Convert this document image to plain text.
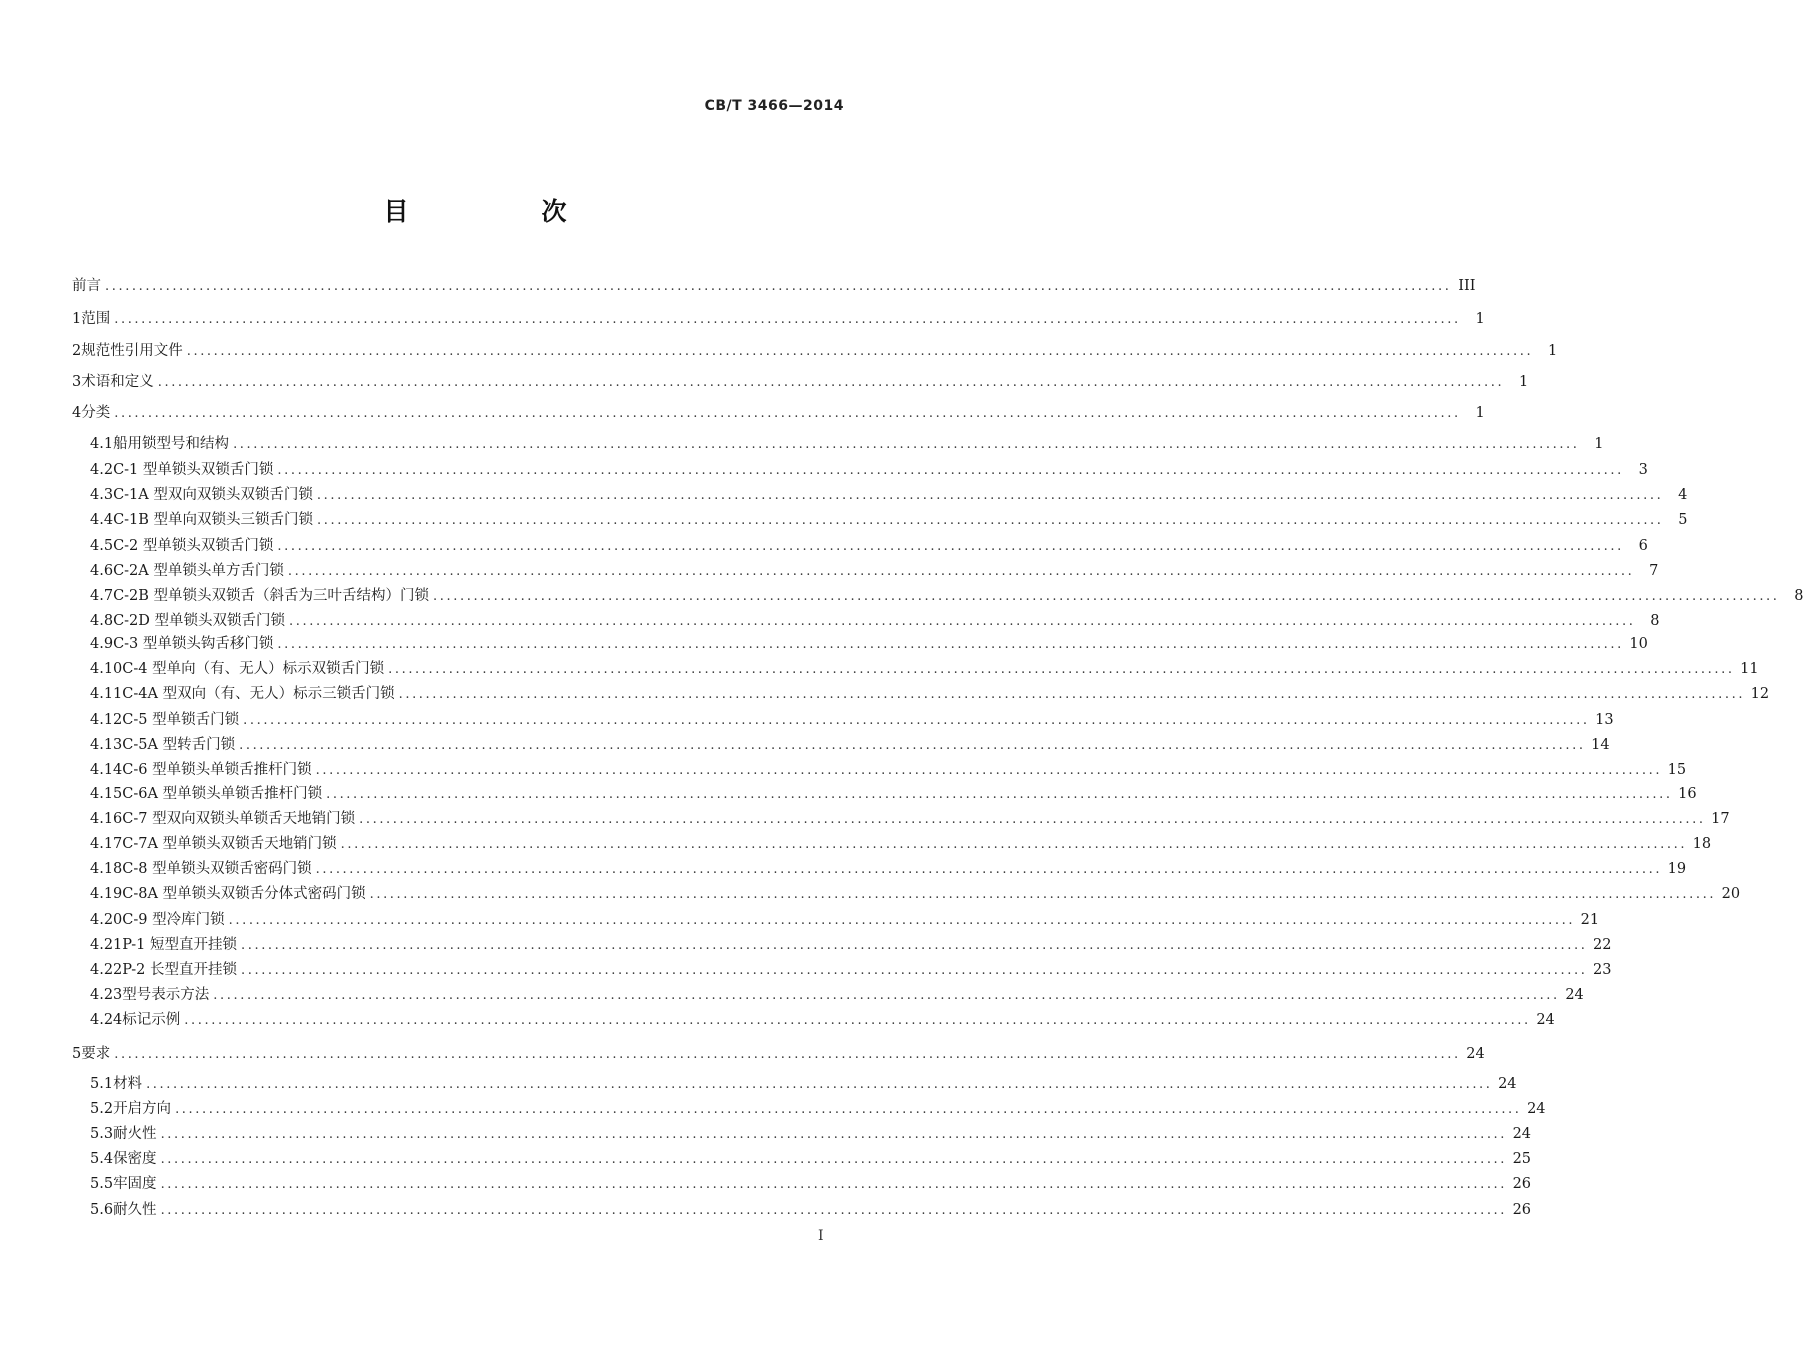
CB/T 3466—2014
目　次
前言 ........................................................................................................................................................................................................ III
1 范围 ........................................................................................................................................................................................................	1
2 规范性引用文件 ........................................................................................................................................................................................................	1
3 术语和定义 ........................................................................................................................................................................................................	1
4 分类 ........................................................................................................................................................................................................	1
4.1 船用锁型号和结构 ........................................................................................................................................................................................................	1
4.2 C-1 型单锁头双锁舌门锁 ........................................................................................................................................................................................................	3
4.3 C-1A 型双向双锁头双锁舌门锁 ........................................................................................................................................................................................................	4
4.4 C-1B 型单向双锁头三锁舌门锁 ........................................................................................................................................................................................................	5
4.5 C-2 型单锁头双锁舌门锁 ........................................................................................................................................................................................................	6
4.6 C-2A 型单锁头单方舌门锁 ........................................................................................................................................................................................................	7
4.7 C-2B 型单锁头双锁舌（斜舌为三叶舌结构）门锁 ........................................................................................................................................................................................................	8
4.8 C-2D 型单锁头双锁舌门锁 ........................................................................................................................................................................................................	8
4.9 C-3 型单锁头钩舌移门锁 ........................................................................................................................................................................................................ 10
4.10 C-4 型单向（有、无人）标示双锁舌门锁 ........................................................................................................................................................................................................ 11
4.11 C-4A 型双向（有、无人）标示三锁舌门锁 ........................................................................................................................................................................................................ 12
4.12 C-5 型单锁舌门锁 ........................................................................................................................................................................................................ 13
4.13 C-5A 型转舌门锁 ........................................................................................................................................................................................................ 14
4.14 C-6 型单锁头单锁舌推杆门锁 ........................................................................................................................................................................................................ 15
4.15 C-6A 型单锁头单锁舌推杆门锁 ........................................................................................................................................................................................................ 16
4.16 C-7 型双向双锁头单锁舌天地销门锁 ........................................................................................................................................................................................................ 17
4.17 C-7A 型单锁头双锁舌天地销门锁 ........................................................................................................................................................................................................ 18
4.18 C-8 型单锁头双锁舌密码门锁 ........................................................................................................................................................................................................ 19
4.19 C-8A 型单锁头双锁舌分体式密码门锁 ........................................................................................................................................................................................................ 20
4.20 C-9 型冷库门锁 ........................................................................................................................................................................................................ 21
4.21 P-1 短型直开挂锁 ........................................................................................................................................................................................................ 22
4.22 P-2 长型直开挂锁 ........................................................................................................................................................................................................ 23
4.23 型号表示方法 ........................................................................................................................................................................................................ 24
4.24 标记示例 ........................................................................................................................................................................................................ 24
5 要求 ........................................................................................................................................................................................................ 24
5.1 材料 ........................................................................................................................................................................................................ 24
5.2 开启方向 ........................................................................................................................................................................................................ 24
5.3 耐火性 ........................................................................................................................................................................................................ 24
5.4 保密度 ........................................................................................................................................................................................................ 25
5.5 牢固度 ........................................................................................................................................................................................................ 26
5.6 耐久性 ........................................................................................................................................................................................................ 26
I
